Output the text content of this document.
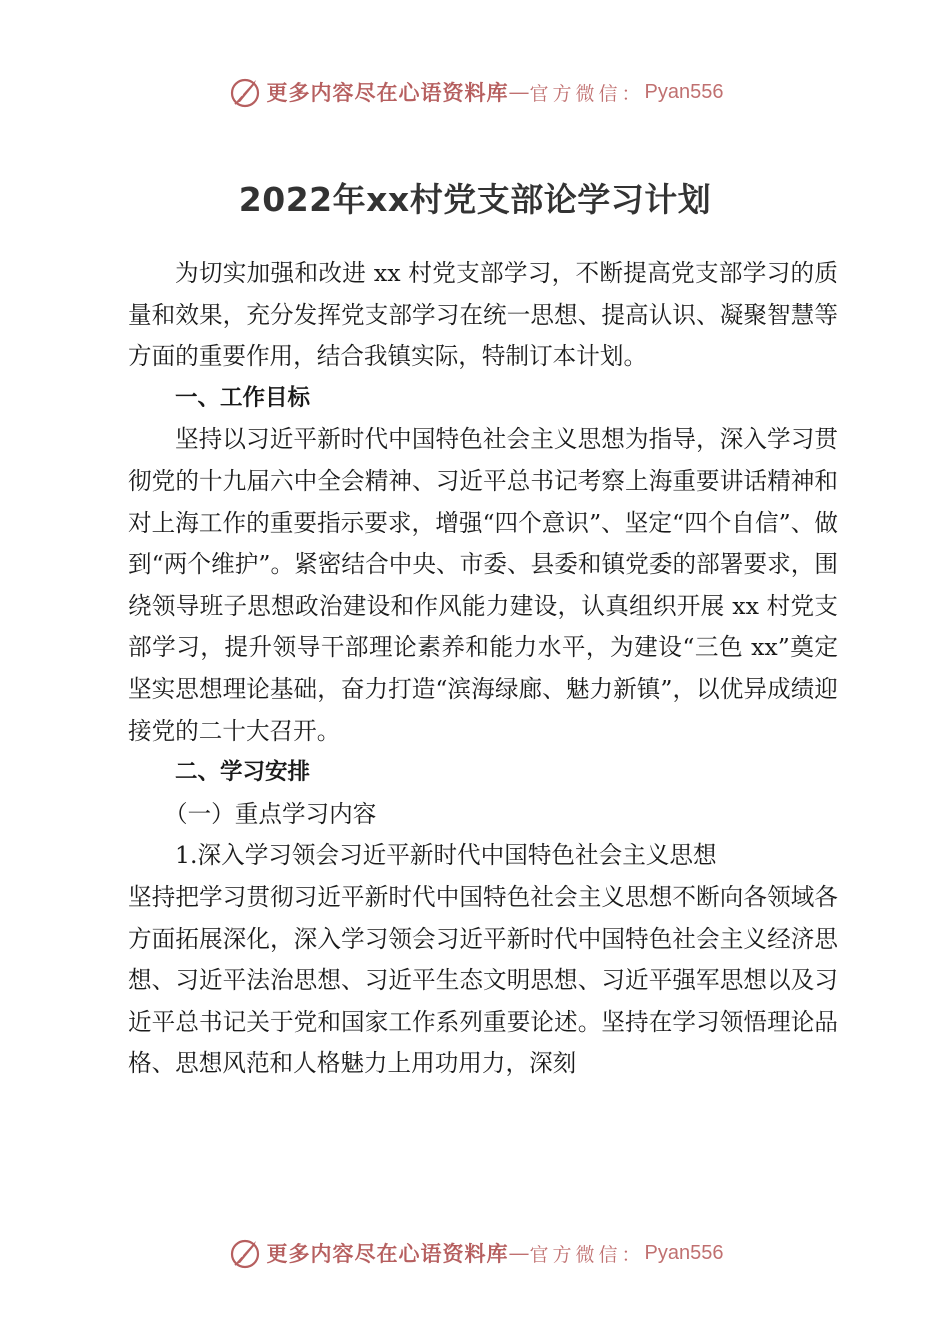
更多内容尽在心语资料库 — 官方微信： Pyan556
2022年xx村党支部论学习计划

为切实加强和改进 xx 村党支部学习，不断提高党支部学习的质量和效果，充分发挥党支部学习在统一思想、提高认识、凝聚智慧等方面的重要作用，结合我镇实际，特制订本计划。

一、工作目标

坚持以习近平新时代中国特色社会主义思想为指导，深入学习贯彻党的十九届六中全会精神、习近平总书记考察上海重要讲话精神和对上海工作的重要指示要求，增强“四个意识”、坚定“四个自信”、做到“两个维护”。紧密结合中央、市委、县委和镇党委的部署要求，围绕领导班子思想政治建设和作风能力建设，认真组织开展 xx 村党支部学习，提升领导干部理论素养和能力水平，为建设“三色 xx”奠定坚实思想理论基础，奋力打造“滨海绿廊、魅力新镇”，以优异成绩迎接党的二十大召开。

二、学习安排

（一）重点学习内容

1.深入学习领会习近平新时代中国特色社会主义思想

坚持把学习贯彻习近平新时代中国特色社会主义思想不断向各领域各方面拓展深化，深入学习领会习近平新时代中国特色社会主义经济思想、习近平法治思想、习近平生态文明思想、习近平强军思想以及习近平总书记关于党和国家工作系列重要论述。坚持在学习领悟理论品格、思想风范和人格魅力上用功用力，深刻

更多内容尽在心语资料库 — 官方微信： Pyan556
